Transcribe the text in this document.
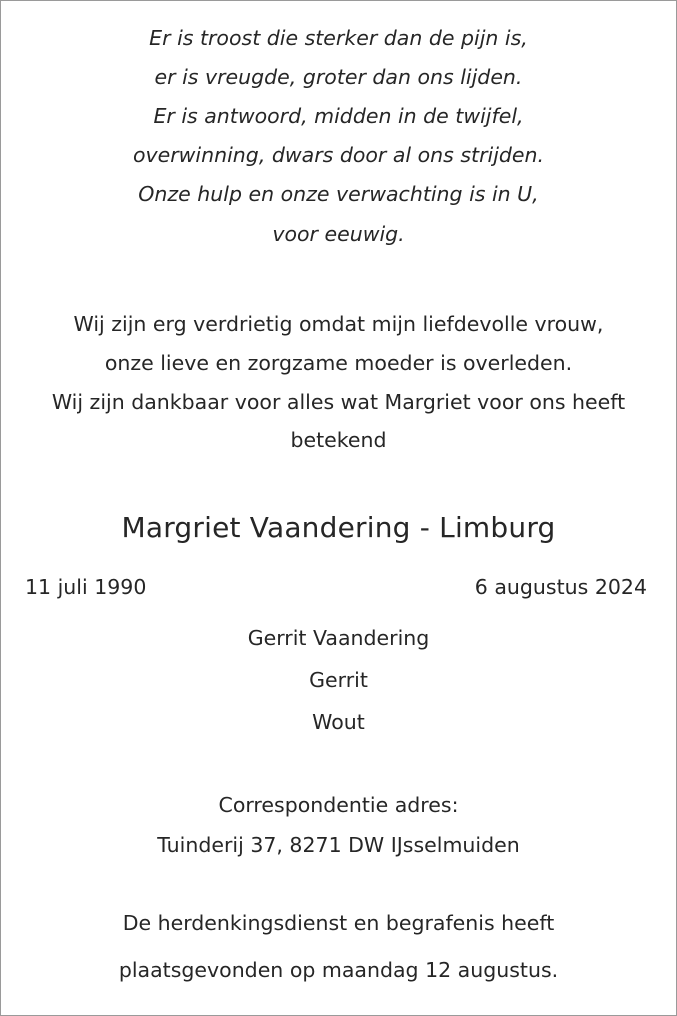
Er is troost die sterker dan de pijn is,
er is vreugde, groter dan ons lijden.
Er is antwoord, midden in de twijfel,
overwinning, dwars door al ons strijden.
Onze hulp en onze verwachting is in U,
voor eeuwig.
Wij zijn erg verdrietig omdat mijn liefdevolle vrouw,
onze lieve en zorgzame moeder is overleden.
Wij zijn dankbaar voor alles wat Margriet voor ons heeft
betekend
Margriet Vaandering - Limburg
11 juli 1990	6 augustus 2024
Gerrit Vaandering
Gerrit
Wout
Correspondentie adres:
Tuinderij 37, 8271 DW IJsselmuiden
De herdenkingsdienst en begrafenis heeft
plaatsgevonden op maandag 12 augustus.
